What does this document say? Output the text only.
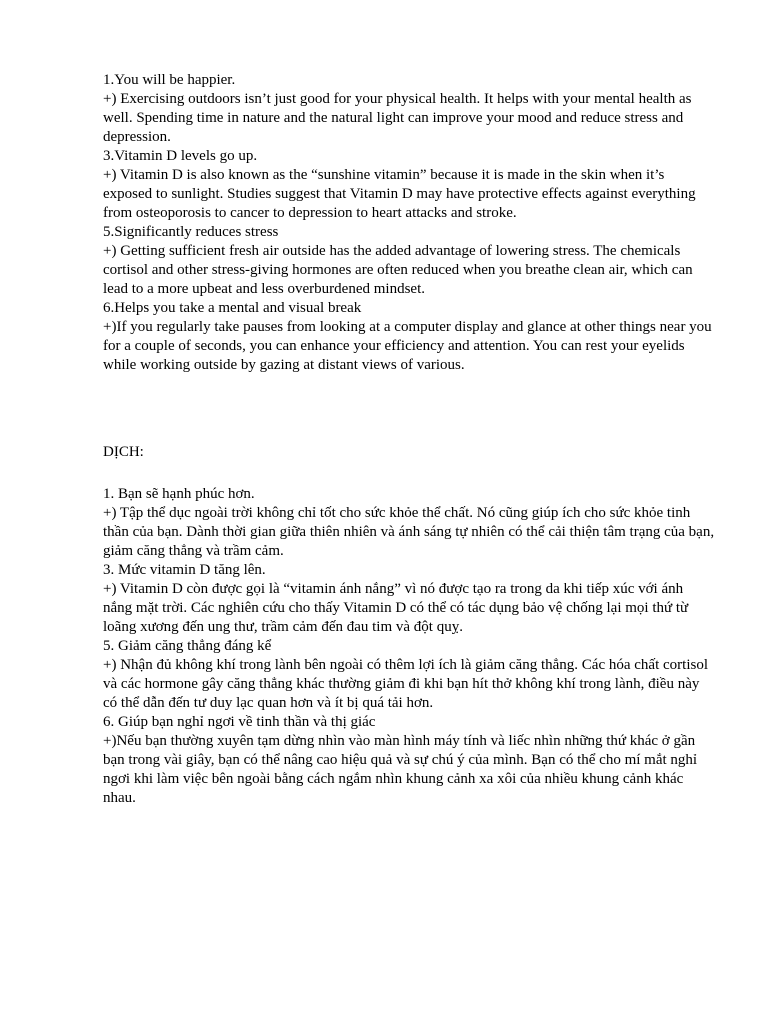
1.You will be happier.

+) Exercising outdoors isn’t just good for your physical health. It helps with your mental health as well. Spending time in nature and the natural light can improve your mood and reduce stress and depression.

3.Vitamin D levels go up.

+) Vitamin D is also known as the “sunshine vitamin” because it is made in the skin when it’s exposed to sunlight. Studies suggest that Vitamin D may have protective effects against everything from osteoporosis to cancer to depression to heart attacks and stroke.

5.Significantly reduces stress

+) Getting sufficient fresh air outside has the added advantage of lowering stress. The chemicals cortisol and other stress-giving hormones are often reduced when you breathe clean air, which can lead to a more upbeat and less overburdened mindset.

6.Helps you take a mental and visual break

+)If you regularly take pauses from looking at a computer display and glance at other things near you for a couple of seconds, you can enhance your efficiency and attention. You can rest your eyelids while working outside by gazing at distant views of various.

DỊCH:

1. Bạn sẽ hạnh phúc hơn.

+) Tập thể dục ngoài trời không chỉ tốt cho sức khỏe thể chất. Nó cũng giúp ích cho sức khỏe tinh thần của bạn. Dành thời gian giữa thiên nhiên và ánh sáng tự nhiên có thể cải thiện tâm trạng của bạn, giảm căng thẳng và trầm cảm.

3. Mức vitamin D tăng lên.

+) Vitamin D còn được gọi là “vitamin ánh nắng” vì nó được tạo ra trong da khi tiếp xúc với ánh nắng mặt trời. Các nghiên cứu cho thấy Vitamin D có thể có tác dụng bảo vệ chống lại mọi thứ từ loãng xương đến ung thư, trầm cảm đến đau tim và đột quỵ.

5. Giảm căng thẳng đáng kể

+) Nhận đủ không khí trong lành bên ngoài có thêm lợi ích là giảm căng thẳng. Các hóa chất cortisol và các hormone gây căng thẳng khác thường giảm đi khi bạn hít thở không khí trong lành, điều này có thể dẫn đến tư duy lạc quan hơn và ít bị quá tải hơn.

6. Giúp bạn nghỉ ngơi về tinh thần và thị giác

+)Nếu bạn thường xuyên tạm dừng nhìn vào màn hình máy tính và liếc nhìn những thứ khác ở gần bạn trong vài giây, bạn có thể nâng cao hiệu quả và sự chú ý của mình. Bạn có thể cho mí mắt nghỉ ngơi khi làm việc bên ngoài bằng cách ngắm nhìn khung cảnh xa xôi của nhiều khung cảnh khác nhau.
